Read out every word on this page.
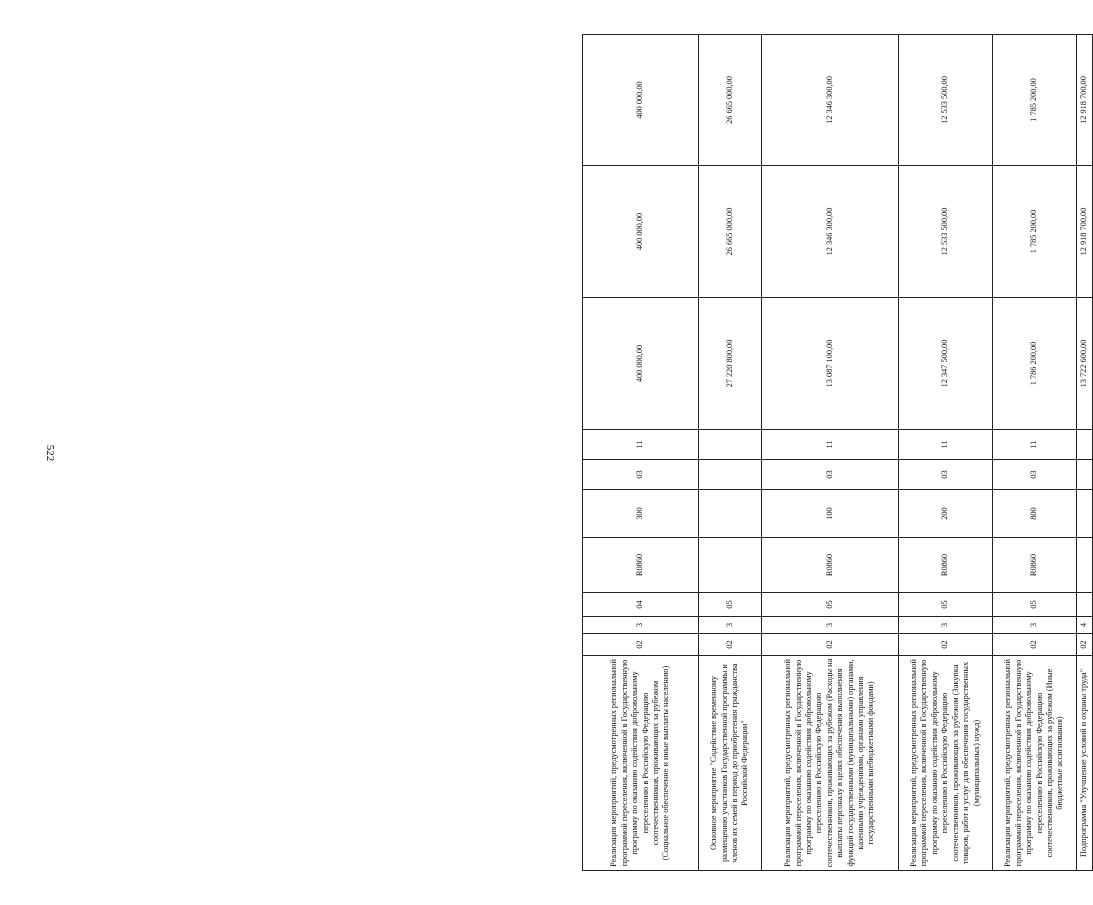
522
Реализация мероприятий, предусмотренных региональной программой переселения, включенной в Государственную программу по оказанию содействия добровольному переселению в Российскую Федерацию соотечественников, проживающих за рубежом (Социальное обеспечение и иные выплаты населению)	02	3	04	R0860	300	03	11	400 000,00	400 000,00	400 000,00
Основное мероприятие "Содействие временному размещению участников Государственной программы и членов их семей в период до приобретения гражданства Российской Федерации"	02	3	05					27 220 800,00	26 665 000,00	26 665 000,00
Реализация мероприятий, предусмотренных региональной программой переселения, включенной в Государственную программу по оказанию содействия добровольному переселению в Российскую Федерацию соотечественников, проживающих за рубежом (Расходы на выплаты персоналу в целях обеспечения выполнения функций государственными (муниципальными) органами, казенными учреждениями, органами управления государственными внебюджетными фондами)	02	3	05	R0860	100	03	11	13 087 100,00	12 346 300,00	12 346 300,00
Реализация мероприятий, предусмотренных региональной программой переселения, включенной в Государственную программу по оказанию содействия добровольному переселению в Российскую Федерацию соотечественников, проживающих за рубежом (Закупка товаров, работ и услуг для обеспечения государственных (муниципальных) нужд)	02	3	05	R0860	200	03	11	12 347 500,00	12 533 500,00	12 533 500,00
Реализация мероприятий, предусмотренных региональной программой переселения, включенной в Государственную программу по оказанию содействия добровольному переселению в Российскую Федерацию соотечественников, проживающих за рубежом (Иные бюджетные ассигнования)	02	3	05	R0860	800	03	11	1 786 200,00	1 785 200,00	1 785 200,00
Подпрограмма "Улучшение условий и охраны труда"	02	4						13 722 600,00	12 918 700,00	12 918 700,00
